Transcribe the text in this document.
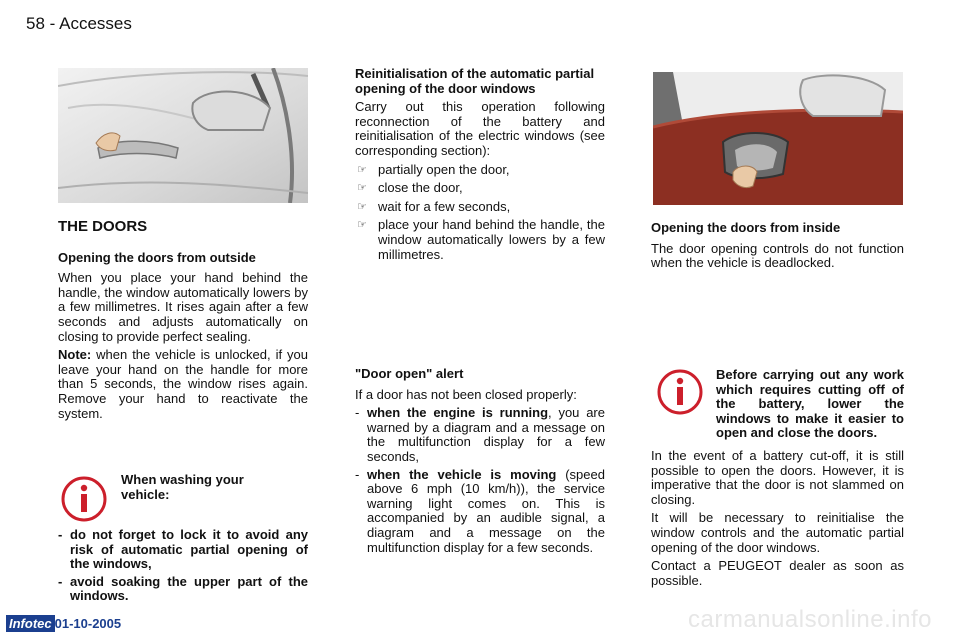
58 - Accesses
THE DOORS
Opening the doors from outside

When you place your hand behind the handle, the window automatically lowers by a few millimetres. It rises again after a few seconds and adjusts automatically on closing to provide perfect sealing.

Note: when the vehicle is unlocked, if you leave your hand on the handle for more than 5 seconds, the window rises again. Remove your hand to reactivate the system.

When washing your vehicle:
- do not forget to lock it to avoid any risk of automatic partial opening of the windows,
- avoid soaking the upper part of the windows.
Reinitialisation of the automatic partial opening of the door windows

Carry out this operation following reconnection of the battery and reinitialisation of the electric windows (see corresponding section):

☞ partially open the door,
☞ close the door,
☞ wait for a few seconds,
☞ place your hand behind the handle, the window automatically lowers by a few millimetres.
"Door open" alert

If a door has not been closed properly:

- when the engine is running, you are warned by a diagram and a message on the multifunction display for a few seconds,
- when the vehicle is moving (speed above 6 mph (10 km/h)), the service warning light comes on. This is accompanied by an audible signal, a diagram and a message on the multifunction display for a few seconds.
Opening the doors from inside

The door opening controls do not function when the vehicle is deadlocked.

Before carrying out any work which requires cutting off of the battery, lower the windows to make it easier to open and close the doors.

In the event of a battery cut-off, it is still possible to open the doors. However, it is imperative that the door is not slammed on closing.

It will be necessary to reinitialise the window controls and the automatic partial opening of the door windows.

Contact a PEUGEOT dealer as soon as possible.

Infotec 01-10-2005	carmanualsonline.info
